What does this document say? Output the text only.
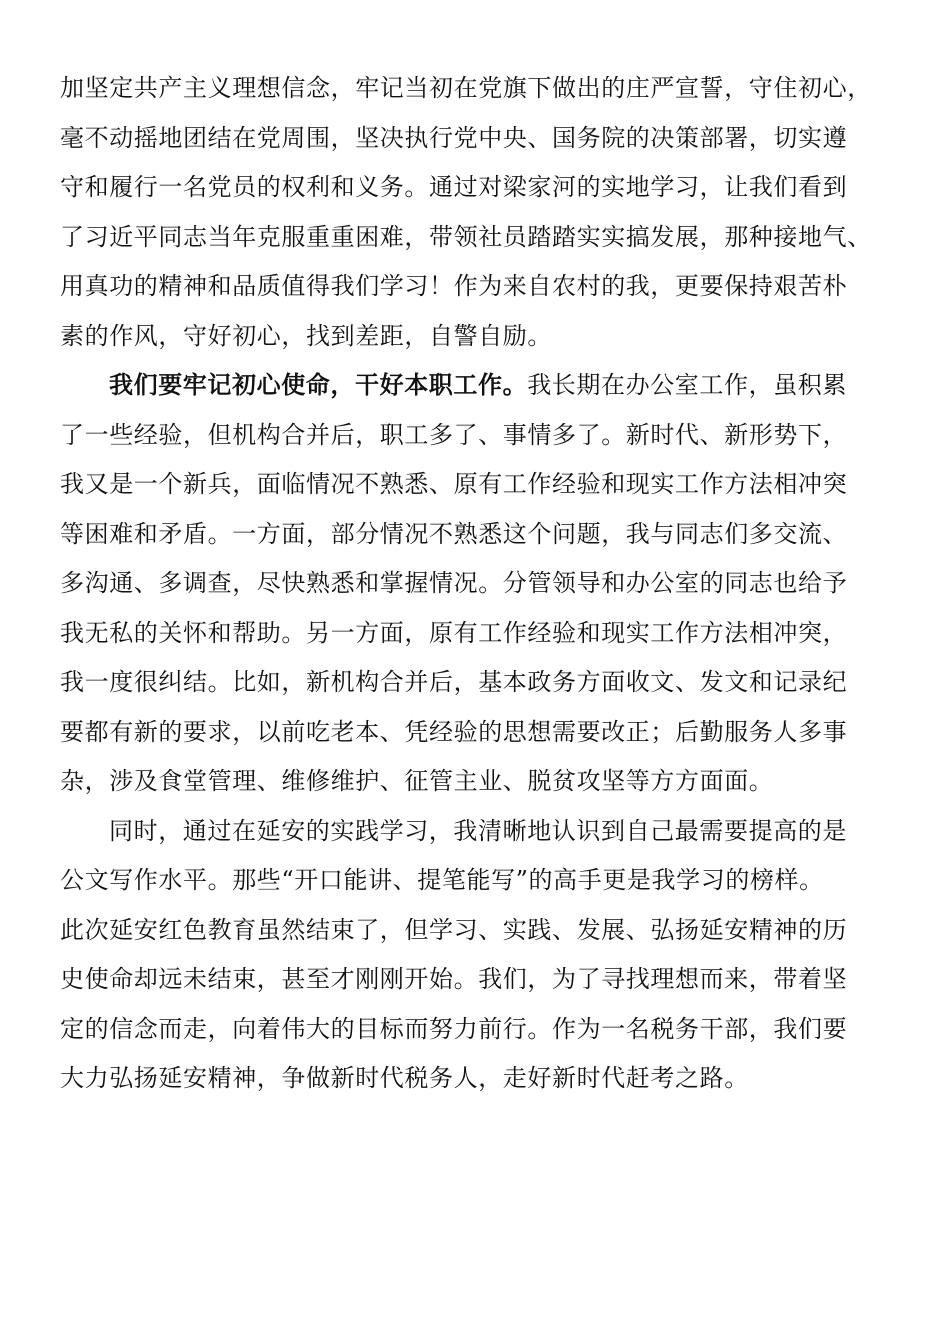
加坚定共产主义理想信念，牢记当初在党旗下做出的庄严宣誓，守住初心，
毫不动摇地团结在党周围，坚决执行党中央、国务院的决策部署，切实遵
守和履行一名党员的权利和义务。通过对梁家河的实地学习，让我们看到
了习近平同志当年克服重重困难，带领社员踏踏实实搞发展，那种接地气、
用真功的精神和品质值得我们学习！作为来自农村的我，更要保持艰苦朴
素的作风，守好初心，找到差距，自警自励。
我们要牢记初心使命，干好本职工作。我长期在办公室工作，虽积累
了一些经验，但机构合并后，职工多了、事情多了。新时代、新形势下，
我又是一个新兵，面临情况不熟悉、原有工作经验和现实工作方法相冲突
等困难和矛盾。一方面，部分情况不熟悉这个问题，我与同志们多交流、
多沟通、多调查，尽快熟悉和掌握情况。分管领导和办公室的同志也给予
我无私的关怀和帮助。另一方面，原有工作经验和现实工作方法相冲突，
我一度很纠结。比如，新机构合并后，基本政务方面收文、发文和记录纪
要都有新的要求，以前吃老本、凭经验的思想需要改正；后勤服务人多事
杂，涉及食堂管理、维修维护、征管主业、脱贫攻坚等方方面面。
同时，通过在延安的实践学习，我清晰地认识到自己最需要提高的是
公文写作水平。那些“开口能讲、提笔能写”的高手更是我学习的榜样。
此次延安红色教育虽然结束了，但学习、实践、发展、弘扬延安精神的历
史使命却远未结束，甚至才刚刚开始。我们，为了寻找理想而来，带着坚
定的信念而走，向着伟大的目标而努力前行。作为一名税务干部，我们要
大力弘扬延安精神，争做新时代税务人，走好新时代赶考之路。
